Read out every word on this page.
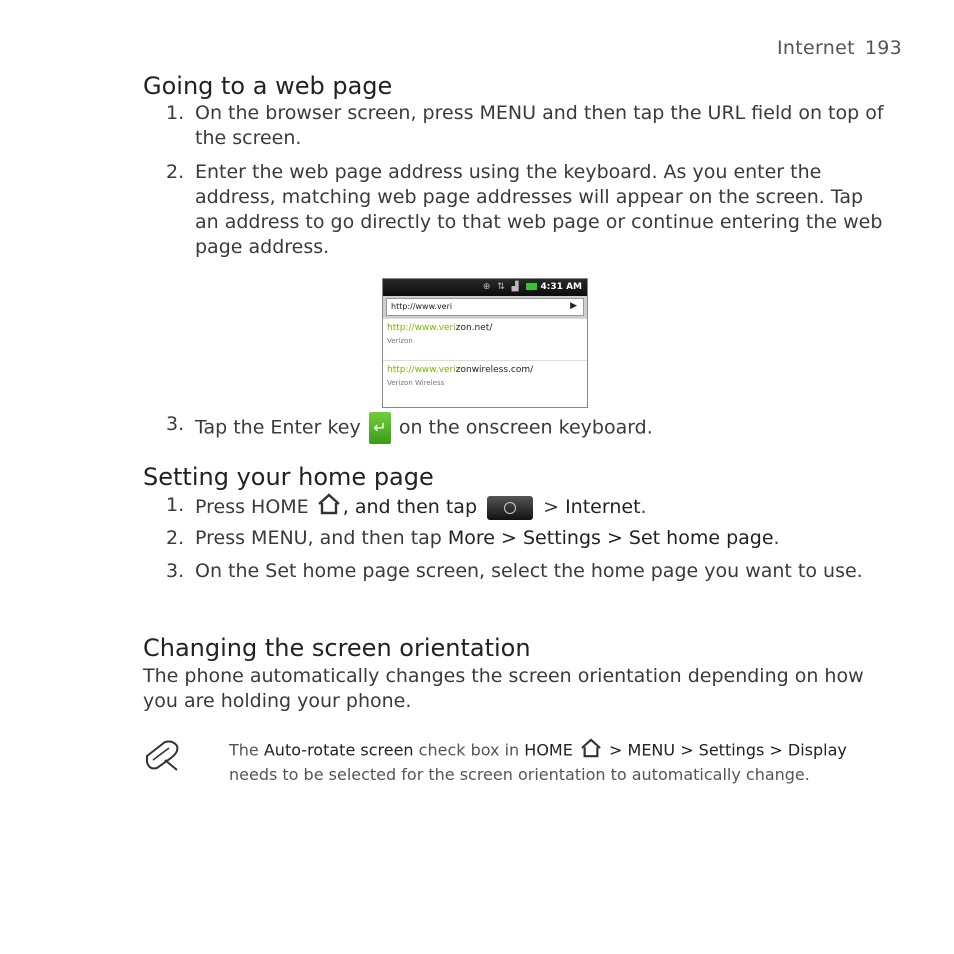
Internet 193
Going to a web page
1. On the browser screen, press MENU and then tap the URL field on top of the screen.
2. Enter the web page address using the keyboard. As you enter the address, matching web page addresses will appear on the screen. Tap an address to go directly to that web page or continue entering the web page address.
⊕ ⇅ ▟ 4:31 AM
http://www.veri	▶
http://www.verizon.net/
Verizon
http://www.verizonwireless.com/
Verizon Wireless
3. Tap the Enter key ↵ on the onscreen keyboard.
Setting your home page
1. Press HOME , and then tap	> Internet.
2. Press MENU, and then tap More > Settings > Set home page.
3. On the Set home page screen, select the home page you want to use.
Changing the screen orientation
The phone automatically changes the screen orientation depending on how you are holding your phone.
The Auto-rotate screen check box in HOME > MENU > Settings > Display needs to be selected for the screen orientation to automatically change.
